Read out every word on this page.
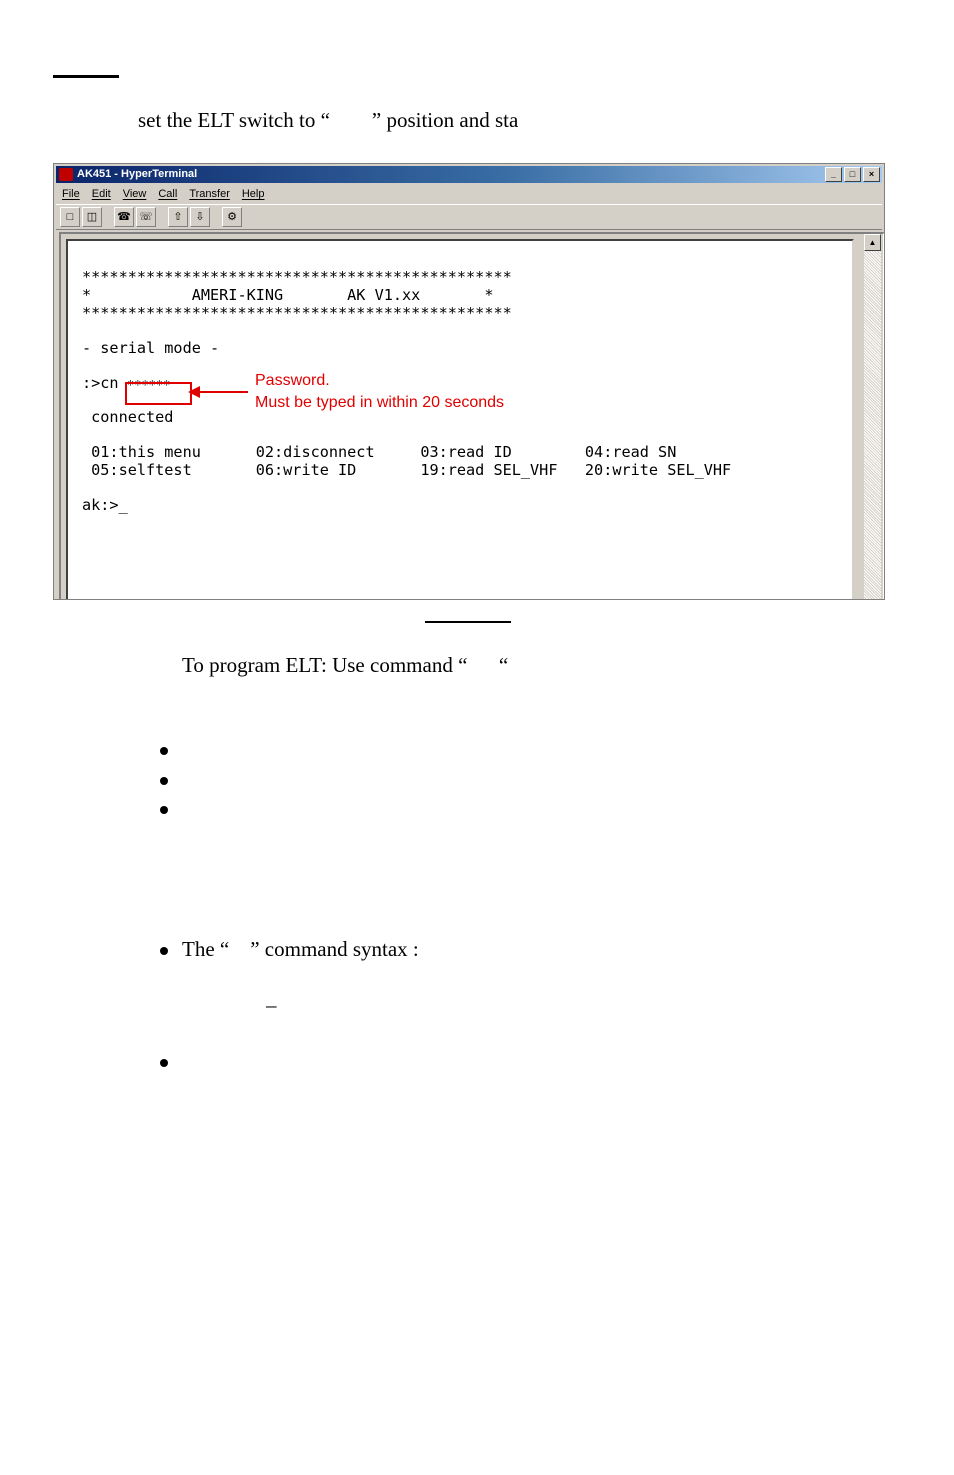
set the ELT switch to “        ” position and sta
AK451 - HyperTerminal	_	□	×
File Edit View Call Transfer Help
□	◫	☎ ☏	⇧	⇩	⚙
***********************************************
*           AMERI-KING       AK V1.xx       *
***********************************************
- serial mode -
:>cn ******	Password.
Must be typed in within 20 seconds
connected
01:this menu      02:disconnect     03:read ID        04:read SN
05:selftest       06:write ID       19:read SEL_VHF   20:write SEL_VHF
ak:>_
▲
To program ELT: Use command “      “
The “    ” command syntax :
–
